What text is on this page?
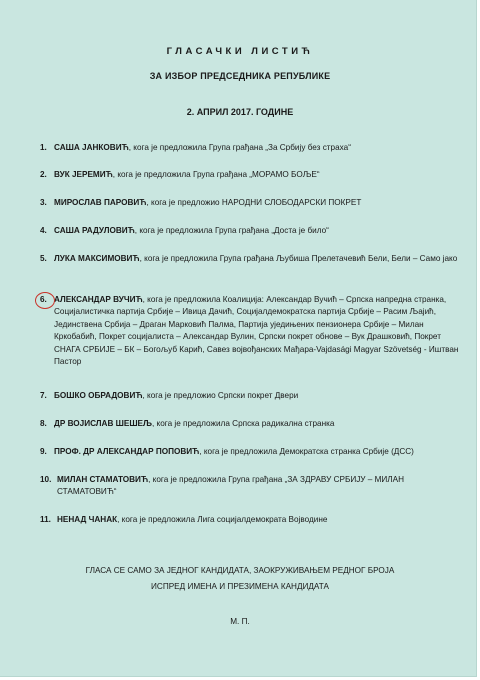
ГЛАСАЧКИ ЛИСТИЋ
ЗА ИЗБОР ПРЕДСЕДНИКА РЕПУБЛИКЕ
2. АПРИЛ 2017. ГОДИНЕ
1. САША ЈАНКОВИЋ, кога је предложила Група грађана „За Србију без страха“
2. ВУК ЈЕРЕМИЋ, кога је предложила Група грађана „МОРАМО БОЉЕ“
3. МИРОСЛАВ ПАРОВИЋ, кога је предложио НАРОДНИ СЛОБОДАРСКИ ПОКРЕТ
4. САША РАДУЛОВИЋ, кога је предложила Група грађана „Доста је било“
5. ЛУКА МАКСИМОВИЋ, кога је предложила Група грађана Љубиша Прелетачевић Бели, Бели – Само јако
6. АЛЕКСАНДАР ВУЧИЋ, кога је предложила Коалиција: Александар Вучић – Српска напредна странка, Социјалистичка партија Србије – Ивица Дачић, Социјалдемократска партија Србије – Расим Љајић, Јединствена Србија – Драган Марковић Палма, Партија уједињених пензионера Србије – Милан Кркобабић, Покрет социјалиста – Александар Вулин, Српски покрет обнове – Вук Драшковић, Покрет СНАГА СРБИЈЕ – БК – Богољуб Карић, Савез војвођанских Мађара-Vajdasági Magyar Szövetség - Иштван Пастор
7. БОШКО ОБРАДОВИЋ, кога је предложио Српски покрет Двери
8. ДР ВОЈИСЛАВ ШЕШЕЉ, кога је предложила Српска радикална странка
9. ПРОФ. ДР АЛЕКСАНДАР ПОПОВИЋ, кога је предложила Демократска странка Србије (ДСС)
10. МИЛАН СТАМАТОВИЋ, кога је предложила Група грађана „ЗА ЗДРАВУ СРБИЈУ – МИЛАН СТАМАТОВИЋ“
11. НЕНАД ЧАНАК, кога је предложила Лига социјалдемократа Војводине
ГЛАСА СЕ САМО ЗА ЈЕДНОГ КАНДИДАТА, ЗАОКРУЖИВАЊЕМ РЕДНОГ БРОЈА
ИСПРЕД ИМЕНА И ПРЕЗИМЕНА КАНДИДАТА
М. П.
